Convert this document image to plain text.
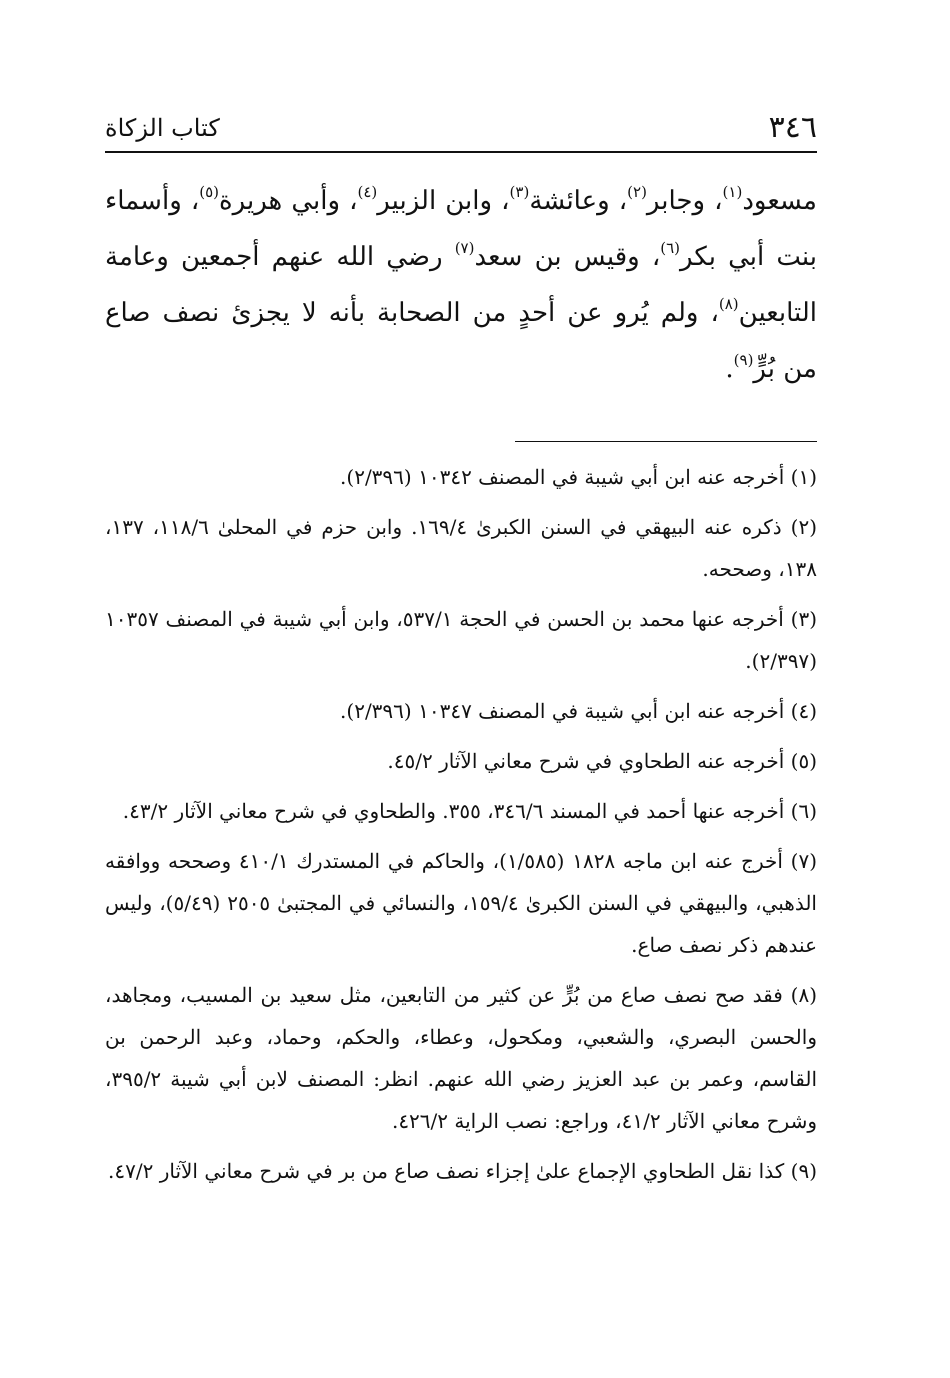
٣٤٦
كتاب الزكاة

مسعود$^{(١)}$، وجابر$^{(٢)}$، وعائشة$^{(٣)}$، وابن الزبير$^{(٤)}$، وأبي هريرة$^{(٥)}$، وأسماء بنت أبي بكر$^{(٦)}$، وقيس بن سعد$^{(٧)}$ رضي الله عنهم أجمعين وعامة التابعين$^{(٨)}$، ولم يُرو عن أحدٍ من الصحابة بأنه لا يجزئ نصف صاع من بُرٍّ$^{(٩)}$.

(١) أخرجه عنه ابن أبي شيبة في المصنف ١٠٣٤٢ (٢/٣٩٦).

(٢) ذكره عنه البيهقي في السنن الكبرىٰ ١٦٩/٤. وابن حزم في المحلىٰ ١١٨/٦، ١٣٧، ١٣٨، وصححه.

(٣) أخرجه عنها محمد بن الحسن في الحجة ٥٣٧/١، وابن أبي شيبة في المصنف ١٠٣٥٧ (٢/٣٩٧).

(٤) أخرجه عنه ابن أبي شيبة في المصنف ١٠٣٤٧ (٢/٣٩٦).

(٥) أخرجه عنه الطحاوي في شرح معاني الآثار ٤٥/٢.

(٦) أخرجه عنها أحمد في المسند ٣٤٦/٦، ٣٥٥. والطحاوي في شرح معاني الآثار ٤٣/٢.

(٧) أخرج عنه ابن ماجه ١٨٢٨ (١/٥٨٥)، والحاكم في المستدرك ٤١٠/١ وصححه ووافقه الذهبي، والبيهقي في السنن الكبرىٰ ١٥٩/٤، والنسائي في المجتبىٰ ٢٥٠٥ (٥/٤٩)، وليس عندهم ذكر نصف صاع.

(٨) فقد صح نصف صاع من بُرٍّ عن كثير من التابعين، مثل سعيد بن المسيب، ومجاهد، والحسن البصري، والشعبي، ومكحول، وعطاء، والحكم، وحماد، وعبد الرحمن بن القاسم، وعمر بن عبد العزيز رضي الله عنهم. انظر: المصنف لابن أبي شيبة ٣٩٥/٢، وشرح معاني الآثار ٤١/٢، وراجع: نصب الراية ٤٢٦/٢.

(٩) كذا نقل الطحاوي الإجماع علىٰ إجزاء نصف صاع من بر في شرح معاني الآثار ٤٧/٢.
